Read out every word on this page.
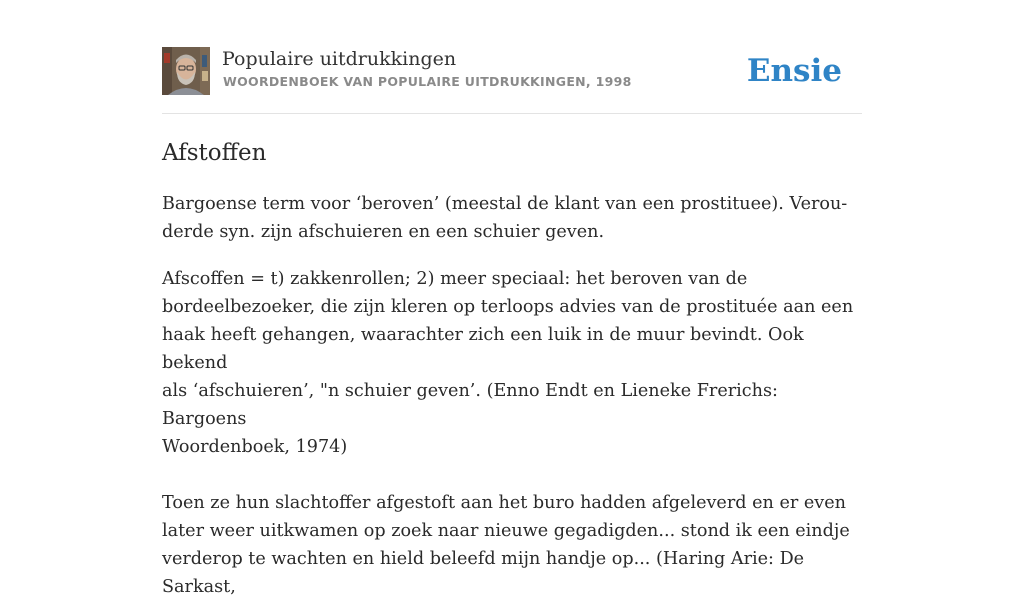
Populaire uitdrukkingen
WOORDENBOEK VAN POPULAIRE UITDRUKKINGEN, 1998	Ensie
Afstoffen

Bargoense term voor ‘beroven’ (meestal de klant van een prostituee). Verou-
derde syn. zijn afschuieren en een schuier geven.

Afscoffen = t) zakkenrollen; 2) meer speciaal: het beroven van de
bordeelbezoeker, die zijn kleren op terloops advies van de prostituée aan een
haak heeft gehangen, waarachter zich een luik in de muur bevindt. Ook bekend
als ‘afschuieren’, "n schuier geven’. (Enno Endt en Lieneke Frerichs: Bargoens
Woordenboek, 1974)

Toen ze hun slachtoffer afgestoft aan het buro hadden afgeleverd en er even
later weer uitkwamen op zoek naar nieuwe gegadigden... stond ik een eindje
verderop te wachten en hield beleefd mijn handje op... (Haring Arie: De Sarkast,
